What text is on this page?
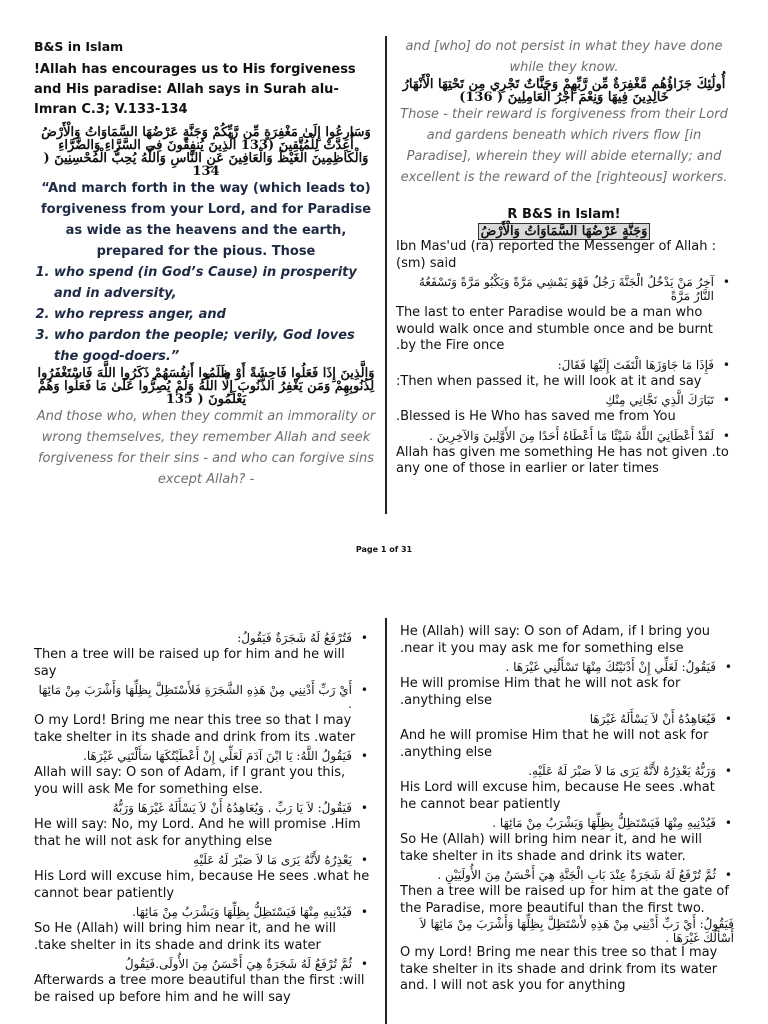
B&S in Islam
!Allah has encourages us to His forgiveness and His paradise: Allah says in Surah alu-Imran C.3; V.133-134
وَسَارِعُوا إِلَىٰ مَغْفِرَةٍ مِّن رَّبِّكُمْ وَجَنَّةٍ عَرْضُهَا السَّمَاوَاتُ وَالْأَرْضُ أُعِدَّتْ لِلْمُتَّقِينَ (133 الَّذِينَ يُنفِقُونَ فِي السَّرَّاءِ وَالضَّرَّاءِ وَالْكَاظِمِينَ الْغَيْظَ وَالْعَافِينَ عَنِ النَّاسِ وَاللَّهُ يُحِبُّ الْمُحْسِنِينَ ( 134
“And march forth in the way (which leads to) forgiveness from your Lord, and for Paradise as wide as the heavens and the earth, prepared for the pious. Those
1. who spend (in God’s Cause) in prosperity and in adversity,
2. who repress anger, and
3. who pardon the people; verily, God loves the good-doers.”
وَالَّذِينَ إِذَا فَعَلُوا فَاحِشَةً أَوْ ظَلَمُوا أَنفُسَهُمْ ذَكَرُوا اللَّهَ فَاسْتَغْفَرُوا لِذُنُوبِهِمْ وَمَن يَغْفِرُ الذُّنُوبَ إِلَّا اللَّهُ وَلَمْ يُصِرُّوا عَلَىٰ مَا فَعَلُوا وَهُمْ يَعْلَمُونَ ( 135
And those who, when they commit an immorality or wrong themselves, they remember Allah and seek forgiveness for their sins - and who can forgive sins except Allah? -
and [who] do not persist in what they have done while they know.
أُولَٰئِكَ جَزَاؤُهُم مَّغْفِرَةٌ مِّن رَّبِّهِمْ وَجَنَّاتٌ تَجْرِي مِن تَحْتِهَا الْأَنْهَارُ خَالِدِينَ فِيهَا وَنِعْمَ أَجْرُ الْعَامِلِينَ ( 136)
Those - their reward is forgiveness from their Lord and gardens beneath which rivers flow [in Paradise], wherein they will abide eternally; and excellent is the reward of the [righteous] workers.
R B&S in Islam!
وَجَنَّةٍ عَرْضُهَا السَّمَاوَاتُ وَالْأَرْضُ
Ibn Mas'ud (ra) reported the Messenger of Allah :(sm) said
آخِرُ مَنْ يَدْخُلُ الْجَنَّةَ رَجُلٌ فَهْوَ يَمْشِي مَرَّةً وَيَكْبُو مَرَّةً وَتَسْفَعُهُ النَّارُ مَرَّةً •
The last to enter Paradise would be a man who would walk once and stumble once and be burnt .by the Fire once
فَإِذَا مَا جَاوَزَهَا الْتَفَتَ إِلَيْهَا فَقَالَ: •
:Then when passed it, he will look at it and say
تَبَارَكَ الَّذِي نَجَّانِي مِنْكِ •
.Blessed is He Who has saved me from You
لَقَدْ أَعْطَانِيَ اللَّهُ شَيْئًا مَا أَعْطَاهُ أَحَدًا مِنَ الأَوَّلِينَ وَالآخِرِينَ . •
Allah has given me something He has not given .to any one of those in earlier or later times
Page 1 of 31
فَتُرْفَعُ لَهُ شَجَرَةٌ فَيَقُولُ: •
Then a tree will be raised up for him and he will say
أَيْ رَبِّ أَدْنِنِي مِنْ هَذِهِ الشَّجَرَةِ فَلأَسْتَظِلَّ بِظِلِّهَا وَأَشْرَبَ مِنْ مَائِهَا . •
O my Lord! Bring me near this tree so that I may take shelter in its shade and drink from its .water
فَيَقُولُ اللَّهُ: يَا ابْنَ آدَمَ لَعَلِّي إِنْ أَعْطَيْتُكَهَا سَأَلْتَنِي غَيْرَهَا. •
Allah will say: O son of Adam, if I grant you this, you will ask Me for something else.
فَيَقُولُ: لاَ يَا رَبِّ . وَيُعَاهِدُهُ أَنْ لاَ يَسْأَلَهُ غَيْرَهَا وَرَبُّهُ •
He will say: No, my Lord. And he will promise .Him that he will not ask for anything else
يَعْذِرُهُ لأَنَّهُ يَرَى مَا لاَ صَبْرَ لَهُ عَلَيْهِ •
His Lord will excuse him, because He sees .what he cannot bear patiently
فَيُدْنِيهِ مِنْهَا فَيَسْتَظِلُّ بِظِلِّهَا وَيَشْرَبُ مِنْ مَائِهَا. •
So He (Allah) will bring him near it, and he will .take shelter in its shade and drink its water
ثُمَّ تُرْفَعُ لَهُ شَجَرَةٌ هِيَ أَحْسَنُ مِنَ الأُولَى.فَيَقُولُ •
Afterwards a tree more beautiful than the first :will be raised up before him and he will say
He (Allah) will say: O son of Adam, if I bring you .near it you may ask me for something else
فَيَقُولُ: لَعَلِّي إِنْ أَدْنَيْتُكَ مِنْهَا تَسْأَلُنِي غَيْرَهَا . •
He will promise Him that he will not ask for .anything else
فَيُعَاهِدُهُ أَنْ لاَ يَسْأَلَهُ غَيْرَهَا •
And he will promise Him that he will not ask for .anything else
وَرَبُّهُ يَعْذِرُهُ لأَنَّهُ يَرَى مَا لاَ صَبْرَ لَهُ عَلَيْهِ. •
His Lord will excuse him, because He sees .what he cannot bear patiently
فَيُدْنِيهِ مِنْهَا فَيَسْتَظِلُّ بِظِلِّهَا وَيَشْرَبُ مِنْ مَائِهَا . •
So He (Allah) will bring him near it, and he will take shelter in its shade and drink its water.
ثُمَّ تُرْفَعُ لَهُ شَجَرَةٌ عِنْدَ بَابِ الْجَنَّةِ هِيَ أَحْسَنُ مِنَ الأُولَيَيْنِ . •
Then a tree will be raised up for him at the gate of the Paradise, more beautiful than the first two.
فَيَقُولُ: أَيْ رَبِّ أَدْنِنِي مِنْ هَذِهِ لأَسْتَظِلَّ بِظِلِّهَا وَأَشْرَبَ مِنْ مَائِهَا لاَ أَسْأَلُكَ غَيْرَهَا .
O my Lord! Bring me near this tree so that I may take shelter in its shade and drink from its water and. I will not ask you for anything
